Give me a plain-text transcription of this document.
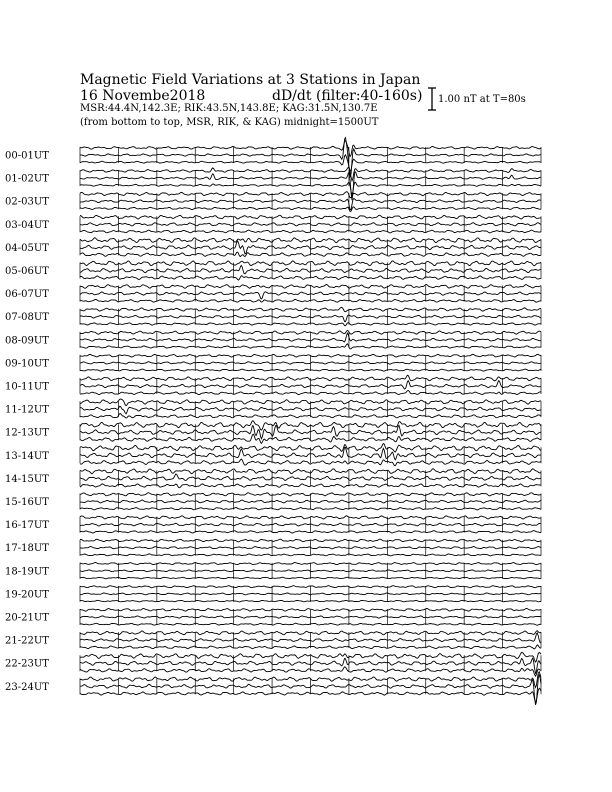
Magnetic Field Variations at 3 Stations in Japan
16 Novembe2018	dD/dt (filter:40-160s)
MSR:44.4N,142.3E; RIK:43.5N,143.8E; KAG:31.5N,130.7E
(from bottom to top, MSR, RIK, & KAG) midnight=1500UT
1.00 nT at T=80s
00-01UT
01-02UT
02-03UT
03-04UT
04-05UT
05-06UT
06-07UT
07-08UT
08-09UT
09-10UT
10-11UT
11-12UT
12-13UT
13-14UT
14-15UT
15-16UT
16-17UT
17-18UT
18-19UT
19-20UT
20-21UT
21-22UT
22-23UT
23-24UT
